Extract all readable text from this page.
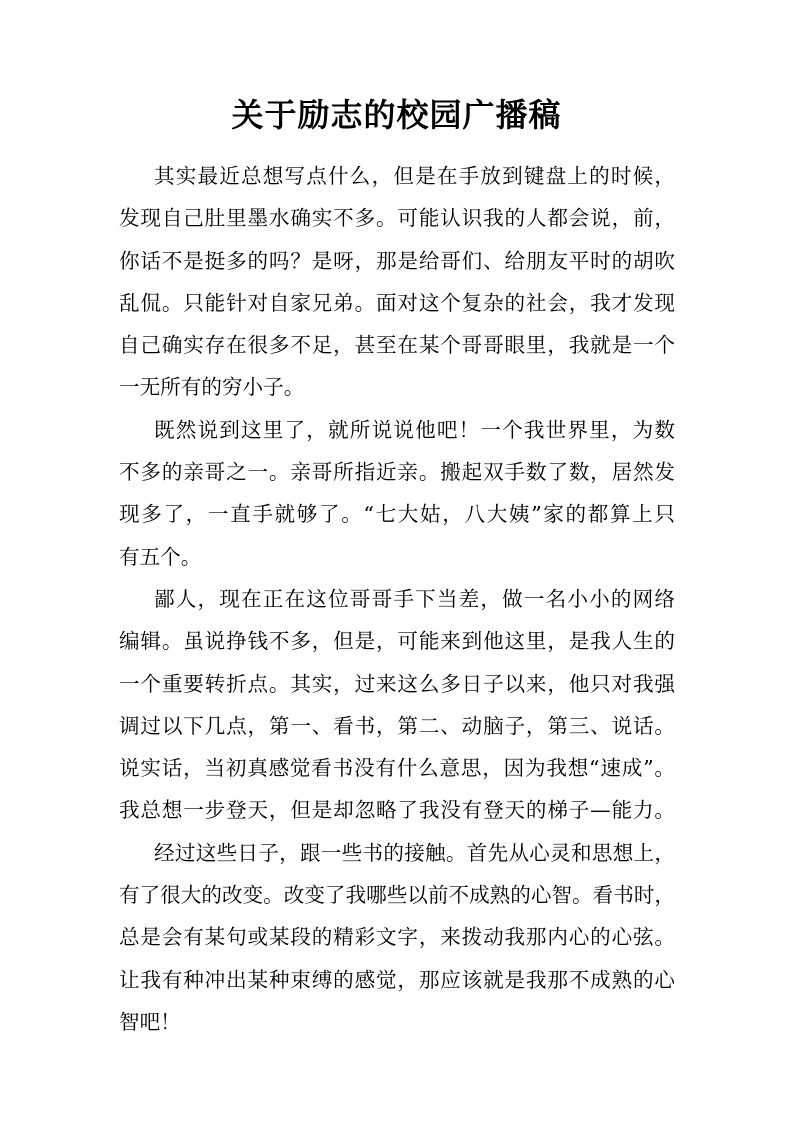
关于励志的校园广播稿

其实最近总想写点什么，但是在手放到键盘上的时候，
发现自己肚里墨水确实不多。可能认识我的人都会说，前，
你话不是挺多的吗？是呀，那是给哥们、给朋友平时的胡吹
乱侃。只能针对自家兄弟。面对这个复杂的社会，我才发现
自己确实存在很多不足，甚至在某个哥哥眼里，我就是一个
一无所有的穷小子。

既然说到这里了，就所说说他吧！一个我世界里，为数
不多的亲哥之一。亲哥所指近亲。搬起双手数了数，居然发
现多了，一直手就够了。“七大姑，八大姨”家的都算上只
有五个。

鄙人，现在正在这位哥哥手下当差，做一名小小的网络
编辑。虽说挣钱不多，但是，可能来到他这里，是我人生的
一个重要转折点。其实，过来这么多日子以来，他只对我强
调过以下几点，第一、看书，第二、动脑子，第三、说话。
说实话，当初真感觉看书没有什么意思，因为我想“速成”。
我总想一步登天，但是却忽略了我没有登天的梯子—能力。

经过这些日子，跟一些书的接触。首先从心灵和思想上，
有了很大的改变。改变了我哪些以前不成熟的心智。看书时，
总是会有某句或某段的精彩文字，来拨动我那内心的心弦。
让我有种冲出某种束缚的感觉，那应该就是我那不成熟的心
智吧！
